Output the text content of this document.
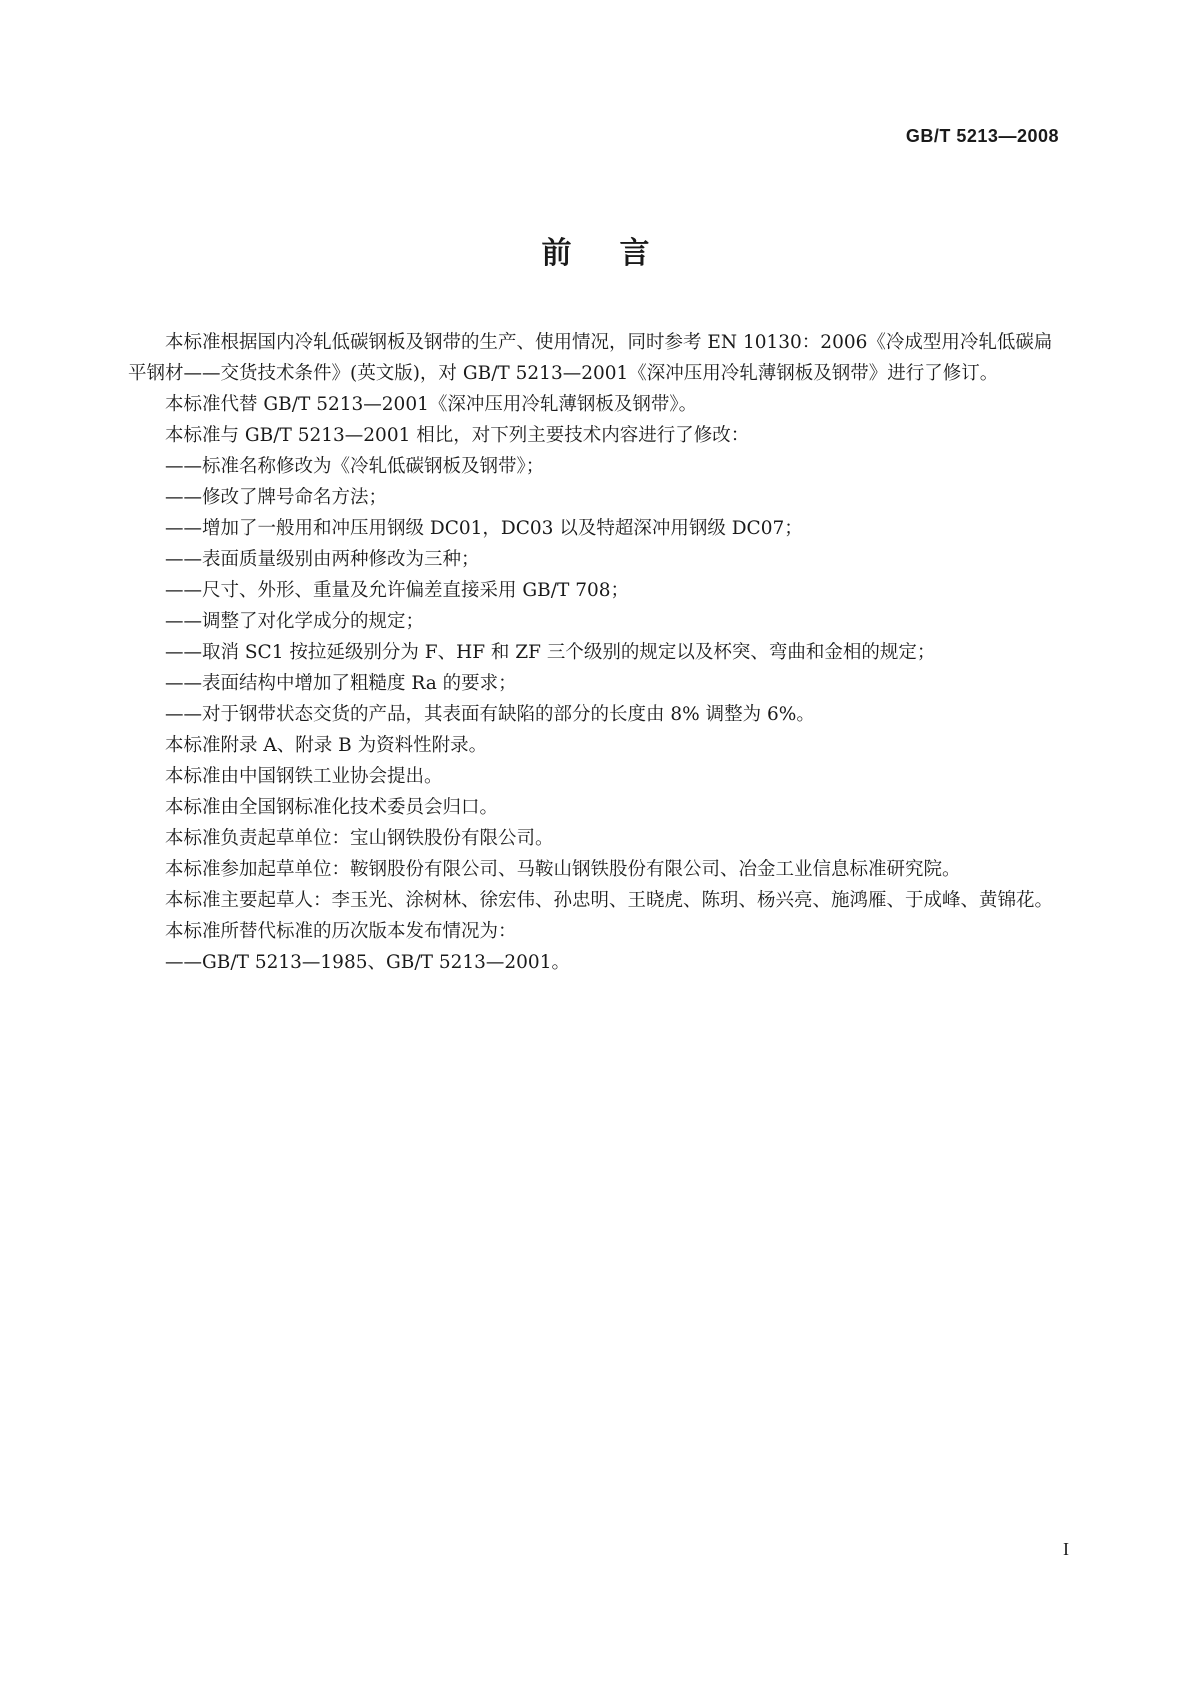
GB/T 5213—2008
前言

本标准根据国内冷轧低碳钢板及钢带的生产、使用情况，同时参考 EN 10130：2006《冷成型用冷轧低碳扁平钢材——交货技术条件》(英文版)，对 GB/T 5213—2001《深冲压用冷轧薄钢板及钢带》进行了修订。

本标准代替 GB/T 5213—2001《深冲压用冷轧薄钢板及钢带》。

本标准与 GB/T 5213—2001 相比，对下列主要技术内容进行了修改：

——标准名称修改为《冷轧低碳钢板及钢带》；

——修改了牌号命名方法；

——增加了一般用和冲压用钢级 DC01，DC03 以及特超深冲用钢级 DC07；

——表面质量级别由两种修改为三种；

——尺寸、外形、重量及允许偏差直接采用 GB/T 708；

——调整了对化学成分的规定；

——取消 SC1 按拉延级别分为 F、HF 和 ZF 三个级别的规定以及杯突、弯曲和金相的规定；

——表面结构中增加了粗糙度 Ra 的要求；

——对于钢带状态交货的产品，其表面有缺陷的部分的长度由 8% 调整为 6%。

本标准附录 A、附录 B 为资料性附录。

本标准由中国钢铁工业协会提出。

本标准由全国钢标准化技术委员会归口。

本标准负责起草单位：宝山钢铁股份有限公司。

本标准参加起草单位：鞍钢股份有限公司、马鞍山钢铁股份有限公司、冶金工业信息标准研究院。

本标准主要起草人：李玉光、涂树林、徐宏伟、孙忠明、王晓虎、陈玥、杨兴亮、施鸿雁、于成峰、黄锦花。

本标准所替代标准的历次版本发布情况为：

——GB/T 5213—1985、GB/T 5213—2001。

I
